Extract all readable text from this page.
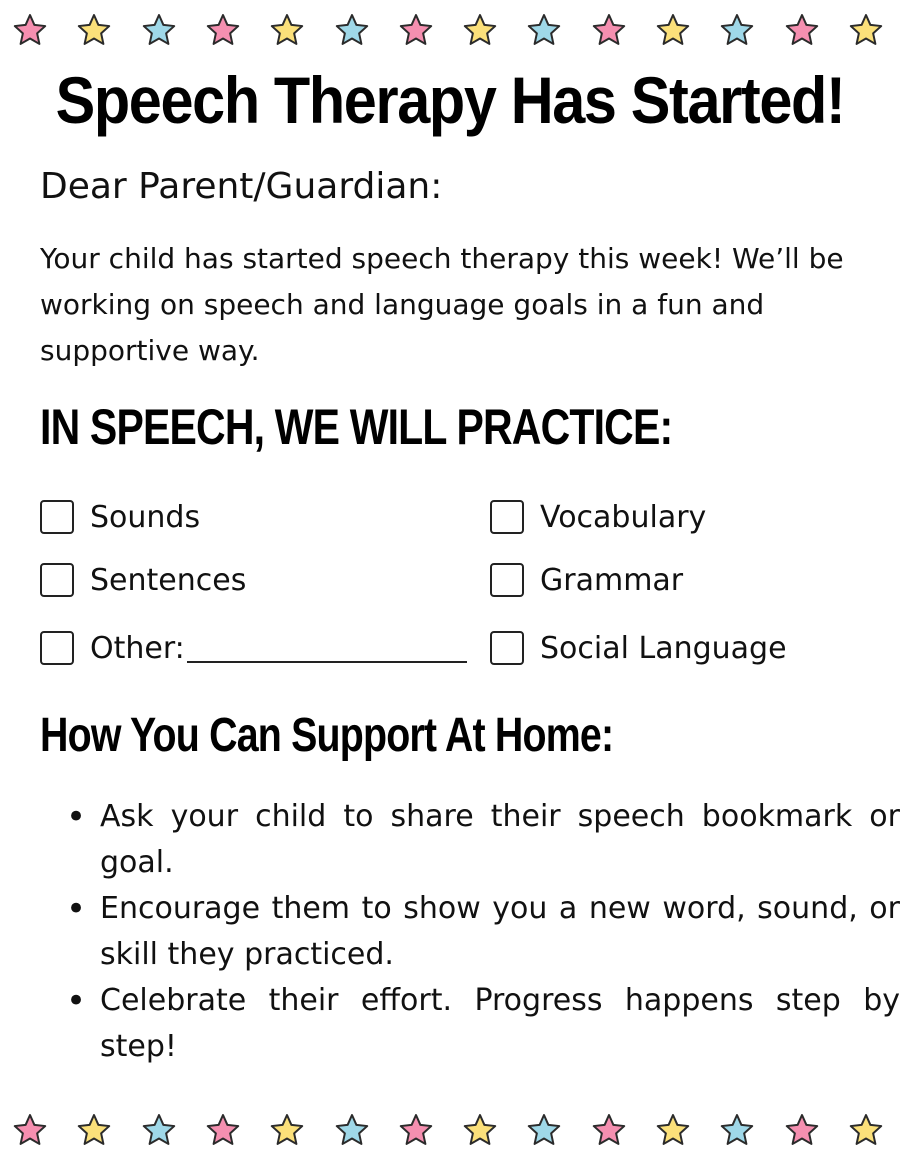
Speech Therapy Has Started!
Dear Parent/Guardian:
Your child has started speech therapy this week! We’ll be working on speech and language goals in a fun and supportive way.
IN SPEECH, WE WILL PRACTICE:
Sounds	Vocabulary
Sentences	Grammar
Other:	Social Language
How You Can Support At Home:
• Ask your child to share their speech bookmark or goal.
• Encourage them to show you a new word, sound, or skill they practiced.
• Celebrate their effort. Progress happens step by step!
